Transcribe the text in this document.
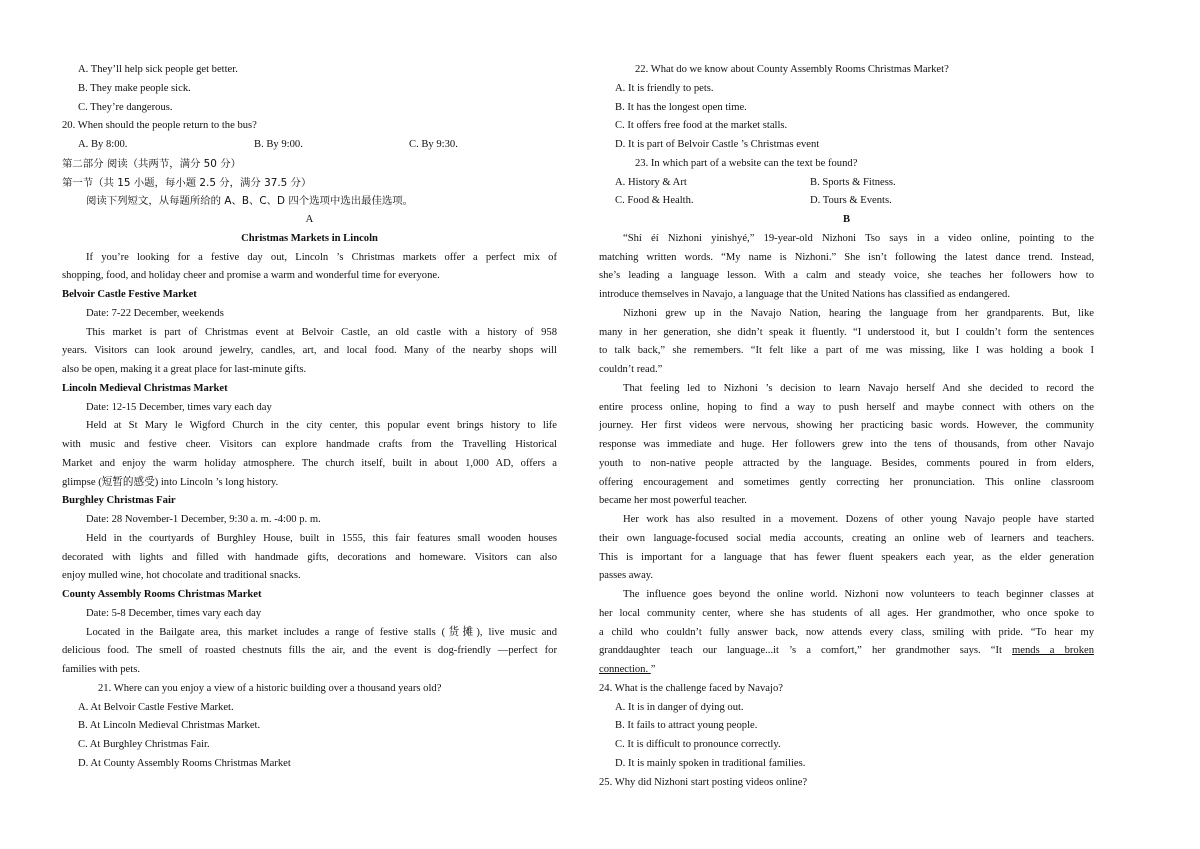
A. They’ll help sick people get better.
B. They make people sick.
C. They’re dangerous.
20. When should the people return to the bus?
A. By 8:00.	B. By 9:00.	C. By 9:30.
第二部分 阅读（共两节，满分 50 分）
第一节（共 15 小题，每小题 2.5 分，满分 37.5 分）
阅读下列短文，从每题所给的 A、B、C、D 四个选项中选出最佳选项。
A
Christmas Markets in Lincoln
If you’re looking for a festive day out, Lincoln ’s Christmas markets offer a perfect mix of
shopping, food, and holiday cheer and promise a warm and wonderful time for everyone.
Belvoir Castle Festive Market
Date: 7-22 December, weekends
This market is part of Christmas event at Belvoir Castle, an old castle with a history of 958
years. Visitors can look around jewelry, candles, art, and local food. Many of the nearby shops will
also be open, making it a great place for last-minute gifts.
Lincoln Medieval Christmas Market
Date: 12-15 December, times vary each day
Held at St Mary le Wigford Church in the city center, this popular event brings history to life
with music and festive cheer. Visitors can explore handmade crafts from the Travelling Historical
Market and enjoy the warm holiday atmosphere. The church itself, built in about 1,000 AD, offers a
glimpse (短暂的感受) into Lincoln ’s long history.
Burghley Christmas Fair
Date: 28 November-1 December, 9:30 a. m. -4:00 p. m.
Held in the courtyards of Burghley House, built in 1555, this fair features small wooden houses
decorated with lights and filled with handmade gifts, decorations and homeware. Visitors can also
enjoy mulled wine, hot chocolate and traditional snacks.
County Assembly Rooms Christmas Market
Date: 5-8 December, times vary each day
Located in the Bailgate area, this market includes a range of festive stalls (货摊), live music and
delicious food. The smell of roasted chestnuts fills the air, and the event is dog-friendly —perfect for
families with pets.
21. Where can you enjoy a view of a historic building over a thousand years old?
A. At Belvoir Castle Festive Market.
B. At Lincoln Medieval Christmas Market.
C. At Burghley Christmas Fair.
D. At County Assembly Rooms Christmas Market
22. What do we know about County Assembly Rooms Christmas Market?
A. It is friendly to pets.
B. It has the longest open time.
C. It offers free food at the market stalls.
D. It is part of Belvoir Castle ’s Christmas event
23. In which part of a website can the text be found?
A. History & Art	B. Sports & Fitness.
C. Food & Health.	D. Tours & Events.
B
“Shí éí Nizhoni yinishyé,” 19-year-old Nizhoni Tso says in a video online, pointing to the
matching written words. “My name is Nizhoni.” She isn’t following the latest dance trend. Instead,
she’s leading a language lesson. With a calm and steady voice, she teaches her followers how to
introduce themselves in Navajo, a language that the United Nations has classified as endangered.
Nizhoni grew up in the Navajo Nation, hearing the language from her grandparents. But, like
many in her generation, she didn’t speak it fluently. “I understood it, but I couldn’t form the sentences
to talk back,” she remembers. “It felt like a part of me was missing, like I was holding a book I
couldn’t read.”
That feeling led to Nizhoni ’s decision to learn Navajo herself And she decided to record the
entire process online, hoping to find a way to push herself and maybe connect with others on the
journey. Her first videos were nervous, showing her practicing basic words. However, the community
response was immediate and huge. Her followers grew into the tens of thousands, from other Navajo
youth to non-native people attracted by the language. Besides, comments poured in from elders,
offering encouragement and sometimes gently correcting her pronunciation. This online classroom
became her most powerful teacher.
Her work has also resulted in a movement. Dozens of other young Navajo people have started
their own language-focused social media accounts, creating an online web of learners and teachers.
This is important for a language that has fewer fluent speakers each year, as the elder generation
passes away.
The influence goes beyond the online world. Nizhoni now volunteers to teach beginner classes at
her local community center, where she has students of all ages. Her grandmother, who once spoke to
a child who couldn’t fully answer back, now attends every class, smiling with pride. “To hear my
granddaughter teach our language...it ’s a comfort,” her grandmother says. “It mends a broken
connection. ”
24. What is the challenge faced by Navajo?
A. It is in danger of dying out.
B. It fails to attract young people.
C. It is difficult to pronounce correctly.
D. It is mainly spoken in traditional families.
25. Why did Nizhoni start posting videos online?
